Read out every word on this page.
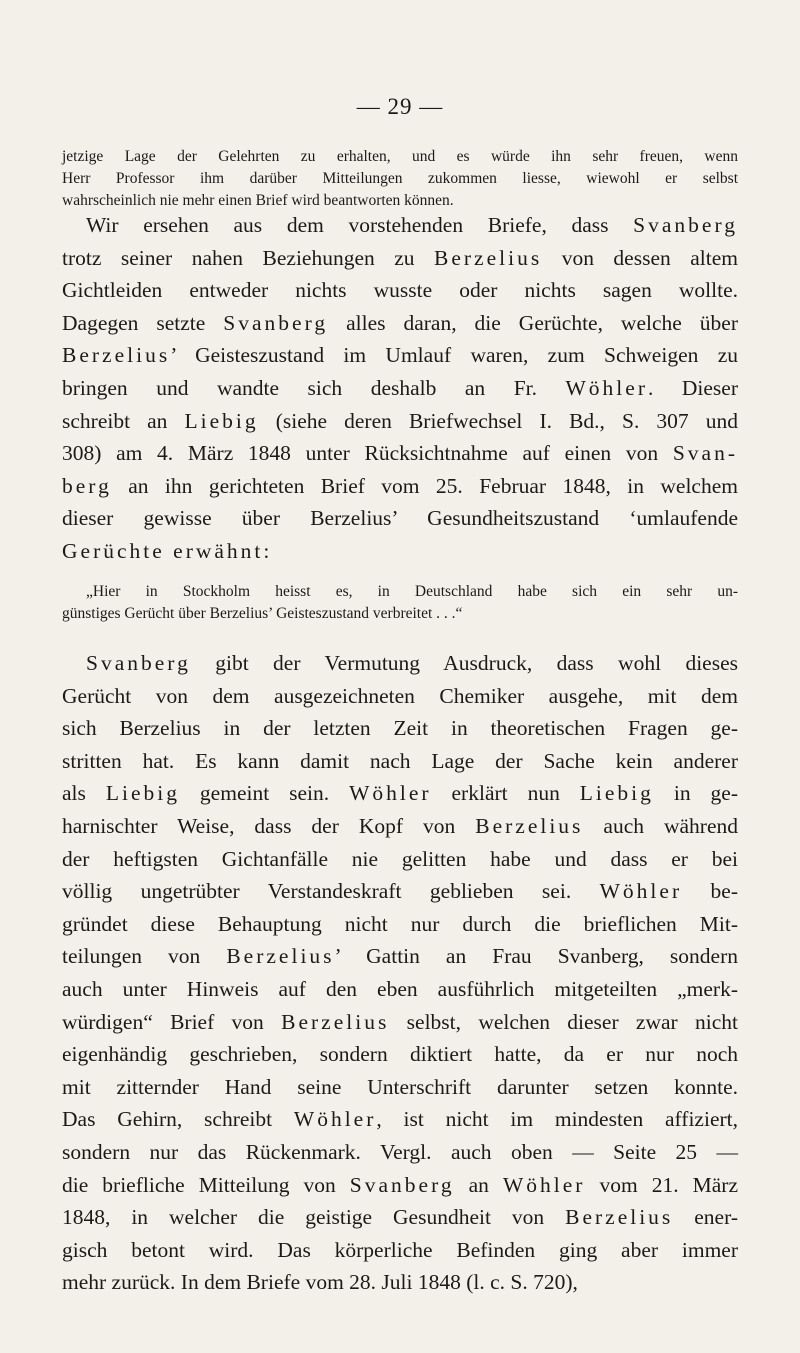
— 29 —
jetzige Lage der Gelehrten zu erhalten, und es würde ihn sehr freuen, wenn
Herr Professor ihm darüber Mitteilungen zukommen liesse, wiewohl er selbst
wahrscheinlich nie mehr einen Brief wird beantworten können.
Wir ersehen aus dem vorstehenden Briefe, dass Svanberg
trotz seiner nahen Beziehungen zu Berzelius von dessen altem
Gichtleiden entweder nichts wusste oder nichts sagen wollte.
Dagegen setzte Svanberg alles daran, die Gerüchte, welche über
Berzelius’ Geisteszustand im Umlauf waren, zum Schweigen zu
bringen und wandte sich deshalb an Fr. Wöhler. Dieser
schreibt an Liebig (siehe deren Briefwechsel I. Bd., S. 307 und
308) am 4. März 1848 unter Rücksichtnahme auf einen von Svan-
berg an ihn gerichteten Brief vom 25. Februar 1848, in welchem
dieser gewisse über Berzelius’ Gesundheitszustand ‘umlaufende
Gerüchte erwähnt:
„Hier in Stockholm heisst es, in Deutschland habe sich ein sehr un-
günstiges Gerücht über Berzelius’ Geisteszustand verbreitet . . .“
Svanberg gibt der Vermutung Ausdruck, dass wohl dieses
Gerücht von dem ausgezeichneten Chemiker ausgehe, mit dem
sich Berzelius in der letzten Zeit in theoretischen Fragen ge-
stritten hat. Es kann damit nach Lage der Sache kein anderer
als Liebig gemeint sein. Wöhler erklärt nun Liebig in ge-
harnischter Weise, dass der Kopf von Berzelius auch während
der heftigsten Gichtanfälle nie gelitten habe und dass er bei
völlig ungetrübter Verstandeskraft geblieben sei. Wöhler be-
gründet diese Behauptung nicht nur durch die brieflichen Mit-
teilungen von Berzelius’ Gattin an Frau Svanberg, sondern
auch unter Hinweis auf den eben ausführlich mitgeteilten „merk-
würdigen“ Brief von Berzelius selbst, welchen dieser zwar nicht
eigenhändig geschrieben, sondern diktiert hatte, da er nur noch
mit zitternder Hand seine Unterschrift darunter setzen konnte.
Das Gehirn, schreibt Wöhler, ist nicht im mindesten affiziert,
sondern nur das Rückenmark. Vergl. auch oben — Seite 25 —
die briefliche Mitteilung von Svanberg an Wöhler vom 21. März
1848, in welcher die geistige Gesundheit von Berzelius ener-
gisch betont wird. Das körperliche Befinden ging aber immer
mehr zurück. In dem Briefe vom 28. Juli 1848 (l. c. S. 720),
